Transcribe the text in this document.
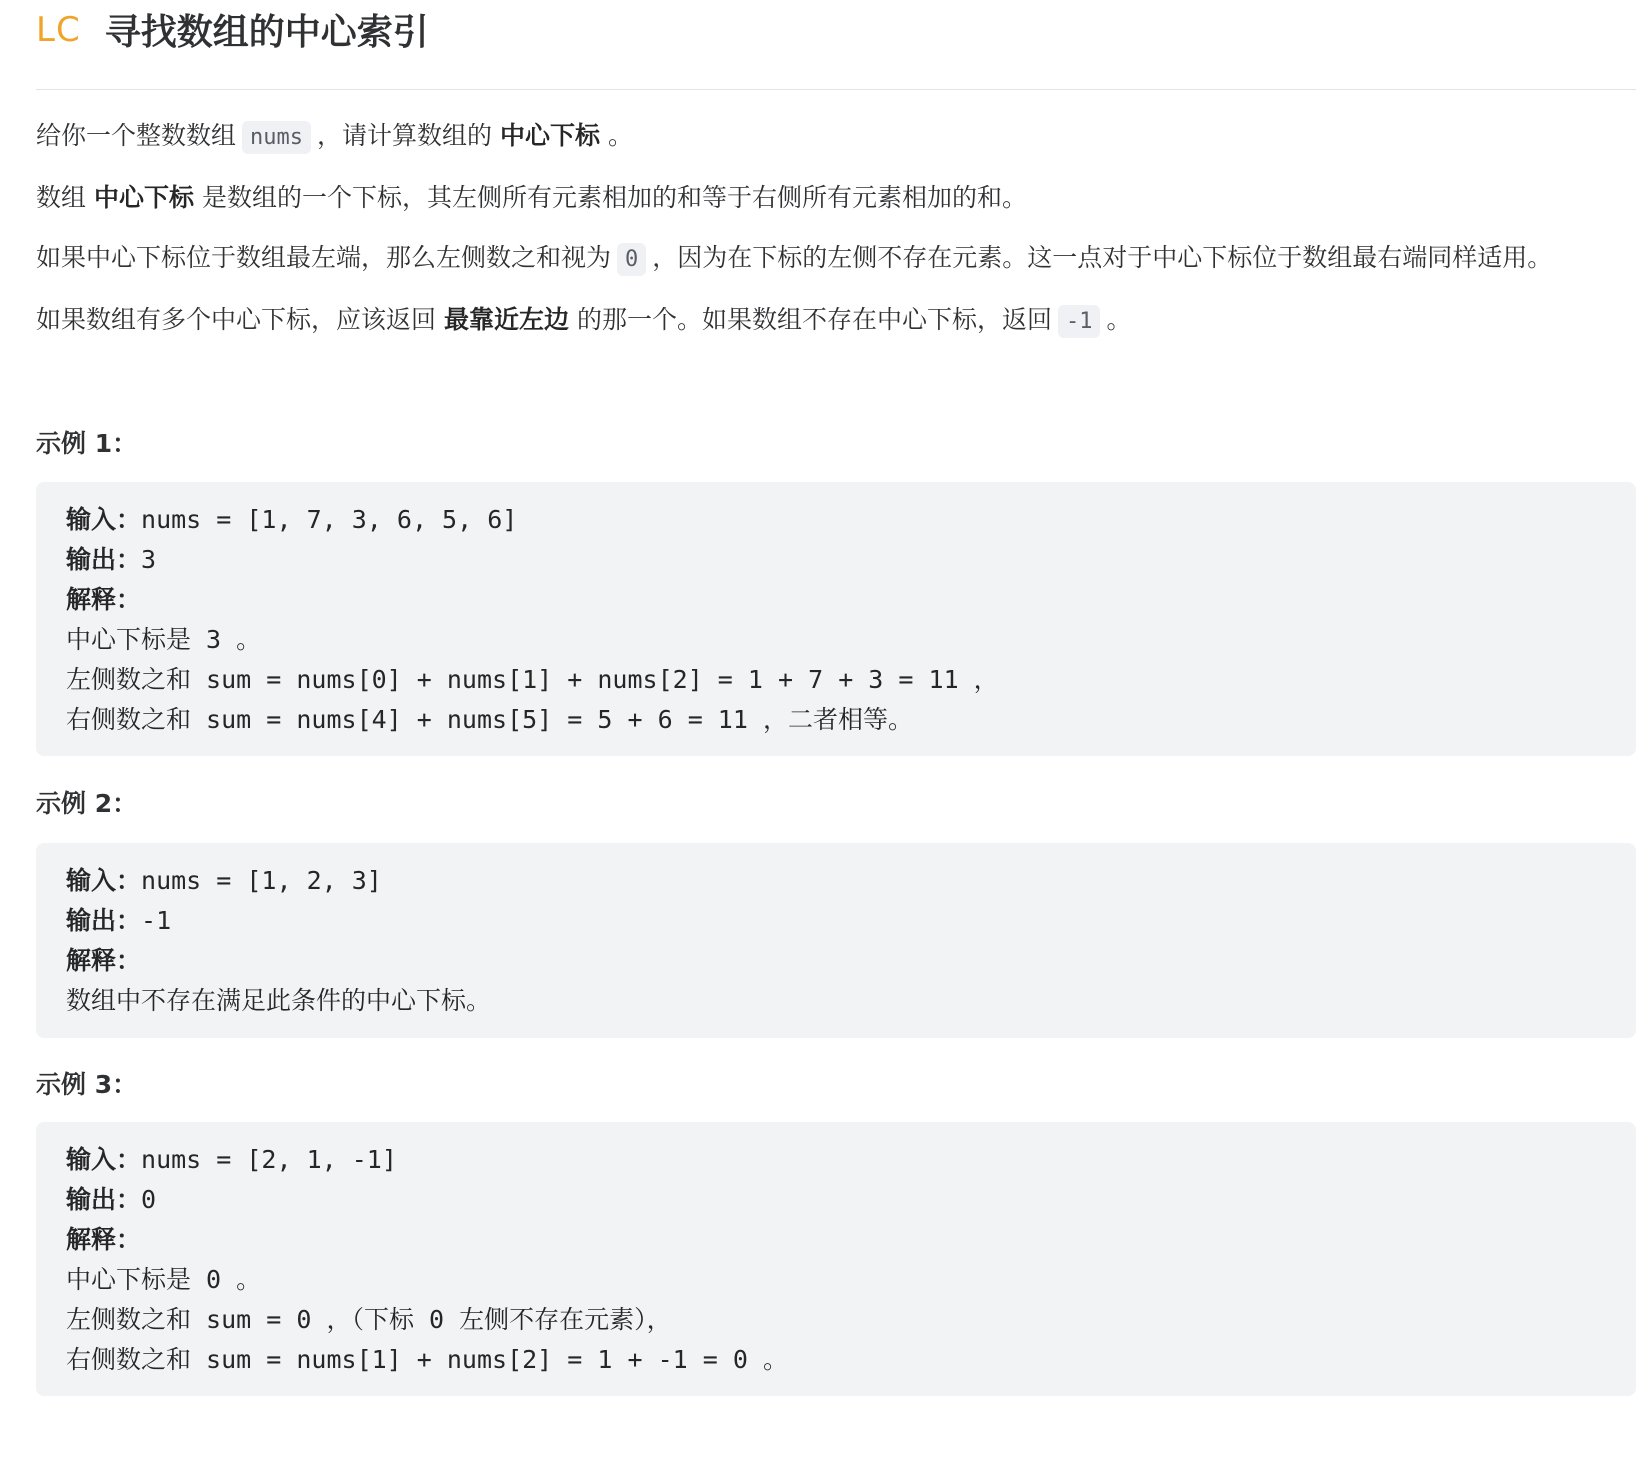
LC 寻找数组的中心索引

给你一个整数数组 nums ，请计算数组的 中心下标 。

数组 中心下标 是数组的一个下标，其左侧所有元素相加的和等于右侧所有元素相加的和。

如果中心下标位于数组最左端，那么左侧数之和视为 0 ，因为在下标的左侧不存在元素。这一点对于中心下标位于数组最右端同样适用。

如果数组有多个中心下标，应该返回 最靠近左边 的那一个。如果数组不存在中心下标，返回 -1 。

示例 1：
输入：nums = [1, 7, 3, 6, 5, 6]
输出：3
解释：
中心下标是 3 。
左侧数之和 sum = nums[0] + nums[1] + nums[2] = 1 + 7 + 3 = 11 ，
右侧数之和 sum = nums[4] + nums[5] = 5 + 6 = 11 ，二者相等。
示例 2：
输入：nums = [1, 2, 3]
输出：-1
解释：
数组中不存在满足此条件的中心下标。
示例 3：
输入：nums = [2, 1, -1]
输出：0
解释：
中心下标是 0 。
左侧数之和 sum = 0 ，（下标 0 左侧不存在元素），
右侧数之和 sum = nums[1] + nums[2] = 1 + -1 = 0 。
